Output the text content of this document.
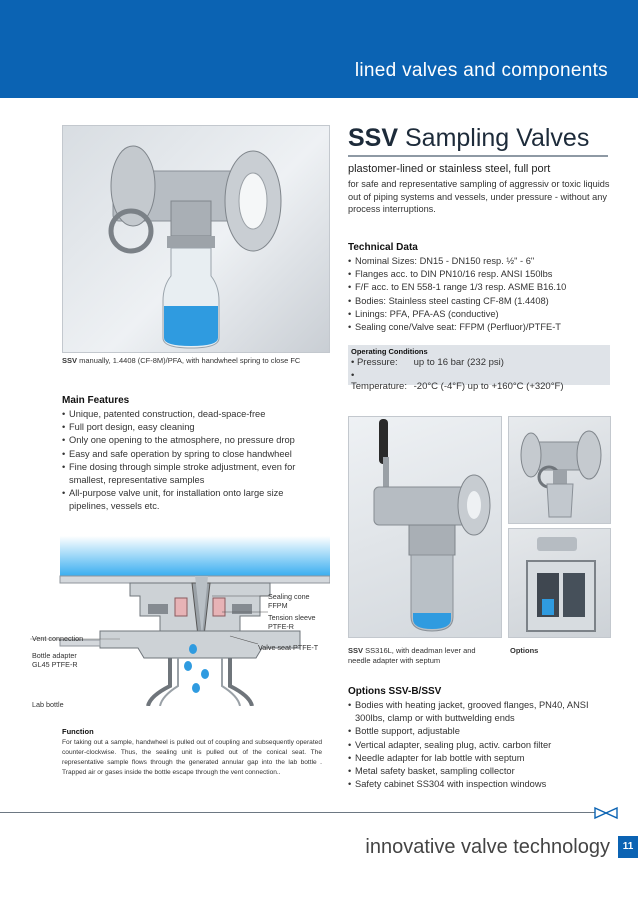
lined valves and components
SSV manually, 1.4408 (CF-8M)/PFA, with handwheel spring to close FC
SSV Sampling Valves
plastomer-lined or stainless steel, full port
for safe and representative sampling of aggressiv or toxic liquids out of piping systems and vessels, under pressure - without any process interruptions.
Technical Data
• Nominal Sizes: DN15 - DN150 resp. ½" - 6"
• Flanges acc. to DIN PN10/16 resp. ANSI 150lbs
• F/F acc. to EN 558-1 range 1/3 resp. ASME B16.10
• Bodies: Stainless steel casting CF-8M (1.4408)
• Linings: PFA, PFA-AS (conductive)
• Sealing cone/Valve seat: FFPM (Perfluor)/PTFE-T
Operating Conditions
• Pressure: up to 16 bar (232 psi)
• Temperature: -20°C (-4°F) up to +160°C (+320°F)
Main Features
• Unique, patented construction, dead-space-free
• Full port design, easy cleaning
• Only one opening to the atmosphere, no pressure drop
• Easy and safe operation by spring to close handwheel
• Fine dosing through simple stroke adjustment, even for smallest, representative samples
• All-purpose valve unit, for installation onto large size pipelines, vessels etc.
SSV SS316L, with deadman lever and needle adapter with septum
Options
Sealing cone
FFPM
Tension sleeve
PTFE-R
Valve seat PTFE-T
Vent connection
Bottle adapter
GL45 PTFE-R
Lab bottle
Function
For taking out a sample, handwheel is pulled out of coupling and subsequently operated counter-clockwise. Thus, the sealing unit is pulled out of the conical seat. The representative sample flows through the generated annular gap into the lab bottle . Trapped air or gases inside the bottle escape through the vent connection..
Options SSV-B/SSV
• Bodies with heating jacket, grooved flanges, PN40, ANSI 300lbs, clamp or with buttwelding ends
• Bottle support, adjustable
• Vertical adapter, sealing plug, activ. carbon filter
• Needle adapter for lab bottle with septum
• Metal safety basket, sampling collector
• Safety cabinet SS304 with inspection windows
innovative valve technology	11
